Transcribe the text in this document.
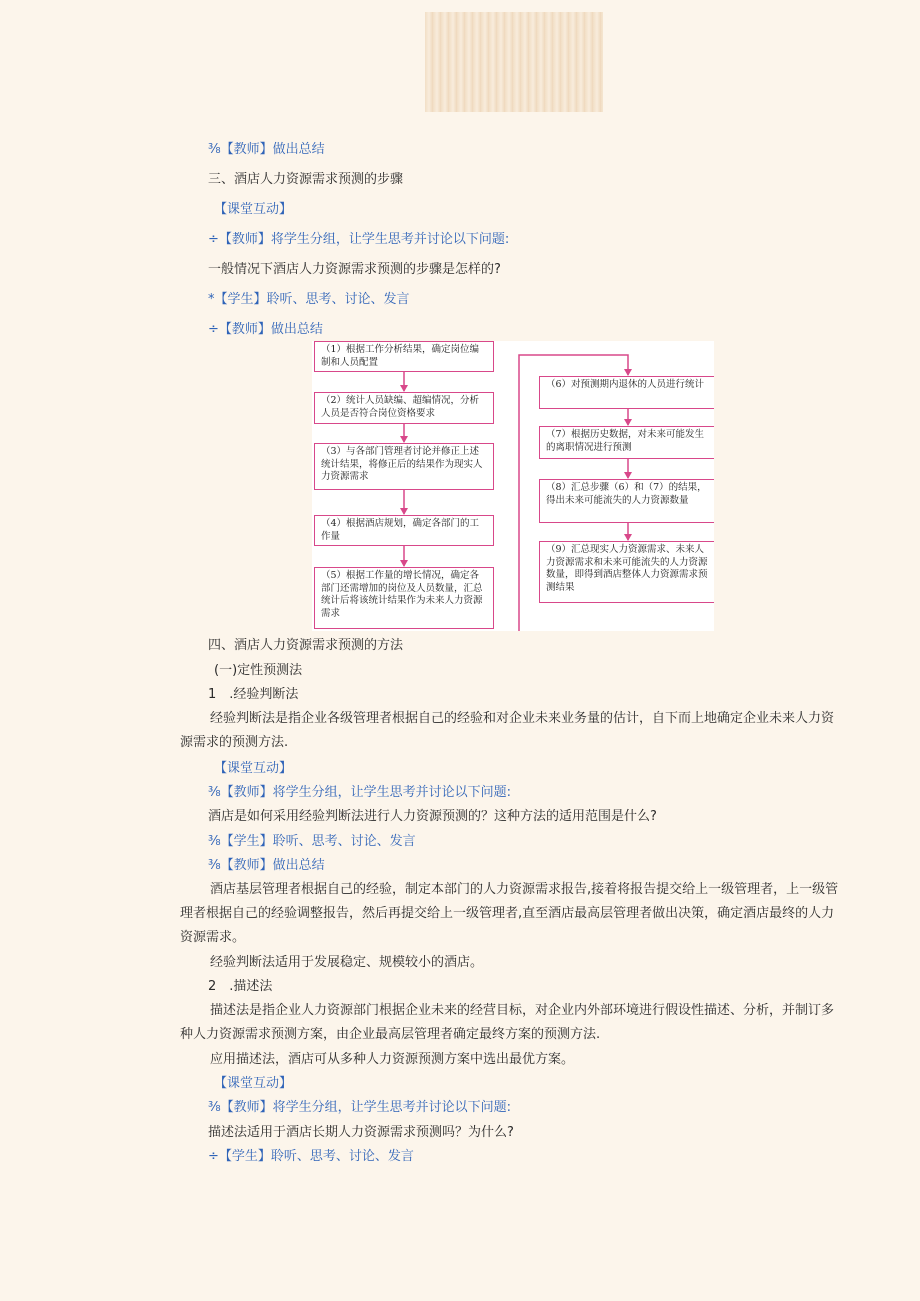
⅜【教师】做出总结
三、酒店人力资源需求预测的步骤
【课堂互动】
÷【教师】将学生分组，让学生思考并讨论以下问题:
一般情况下酒店人力资源需求预测的步骤是怎样的?
*【学生】聆听、思考、讨论、发言
÷【教师】做出总结
（1）根据工作分析结果，确定岗位编制和人员配置
（2）统计人员缺编、超编情况，分析人员是否符合岗位资格要求
（3）与各部门管理者讨论并修正上述统计结果，将修正后的结果作为现实人力资源需求
（4）根据酒店规划，确定各部门的工作量
（5）根据工作量的增长情况，确定各部门还需增加的岗位及人员数量，汇总统计后将该统计结果作为未来人力资源需求
（6）对预测期内退休的人员进行统计
（7）根据历史数据，对未来可能发生的离职情况进行预测
（8）汇总步骤（6）和（7）的结果，得出未来可能流失的人力资源数量
（9）汇总现实人力资源需求、未来人力资源需求和未来可能流失的人力资源数量，即得到酒店整体人力资源需求预测结果
四、酒店人力资源需求预测的方法
(一)定性预测法
1　.经验判断法
经验判断法是指企业各级管理者根据自己的经验和对企业未来业务量的估计，自下而上地确定企业未来人力资源需求的预测方法.
【课堂互动】
⅜【教师】将学生分组，让学生思考并讨论以下问题:
酒店是如何采用经验判断法进行人力资源预测的？这种方法的适用范围是什么?
⅜【学生】聆听、思考、讨论、发言
⅜【教师】做出总结
酒店基层管理者根据自己的经验，制定本部门的人力资源需求报告,接着将报告提交给上一级管理者，上一级管理者根据自己的经验调整报告，然后再提交给上一级管理者,直至酒店最高层管理者做出决策，确定酒店最终的人力资源需求。
经验判断法适用于发展稳定、规模较小的酒店。
2　.描述法
描述法是指企业人力资源部门根据企业未来的经营目标，对企业内外部环境进行假设性描述、分析，并制订多种人力资源需求预测方案，由企业最高层管理者确定最终方案的预测方法.
应用描述法，酒店可从多种人力资源预测方案中选出最优方案。
【课堂互动】
⅜【教师】将学生分组，让学生思考并讨论以下问题:
描述法适用于酒店长期人力资源需求预测吗？为什么?
÷【学生】聆听、思考、讨论、发言
